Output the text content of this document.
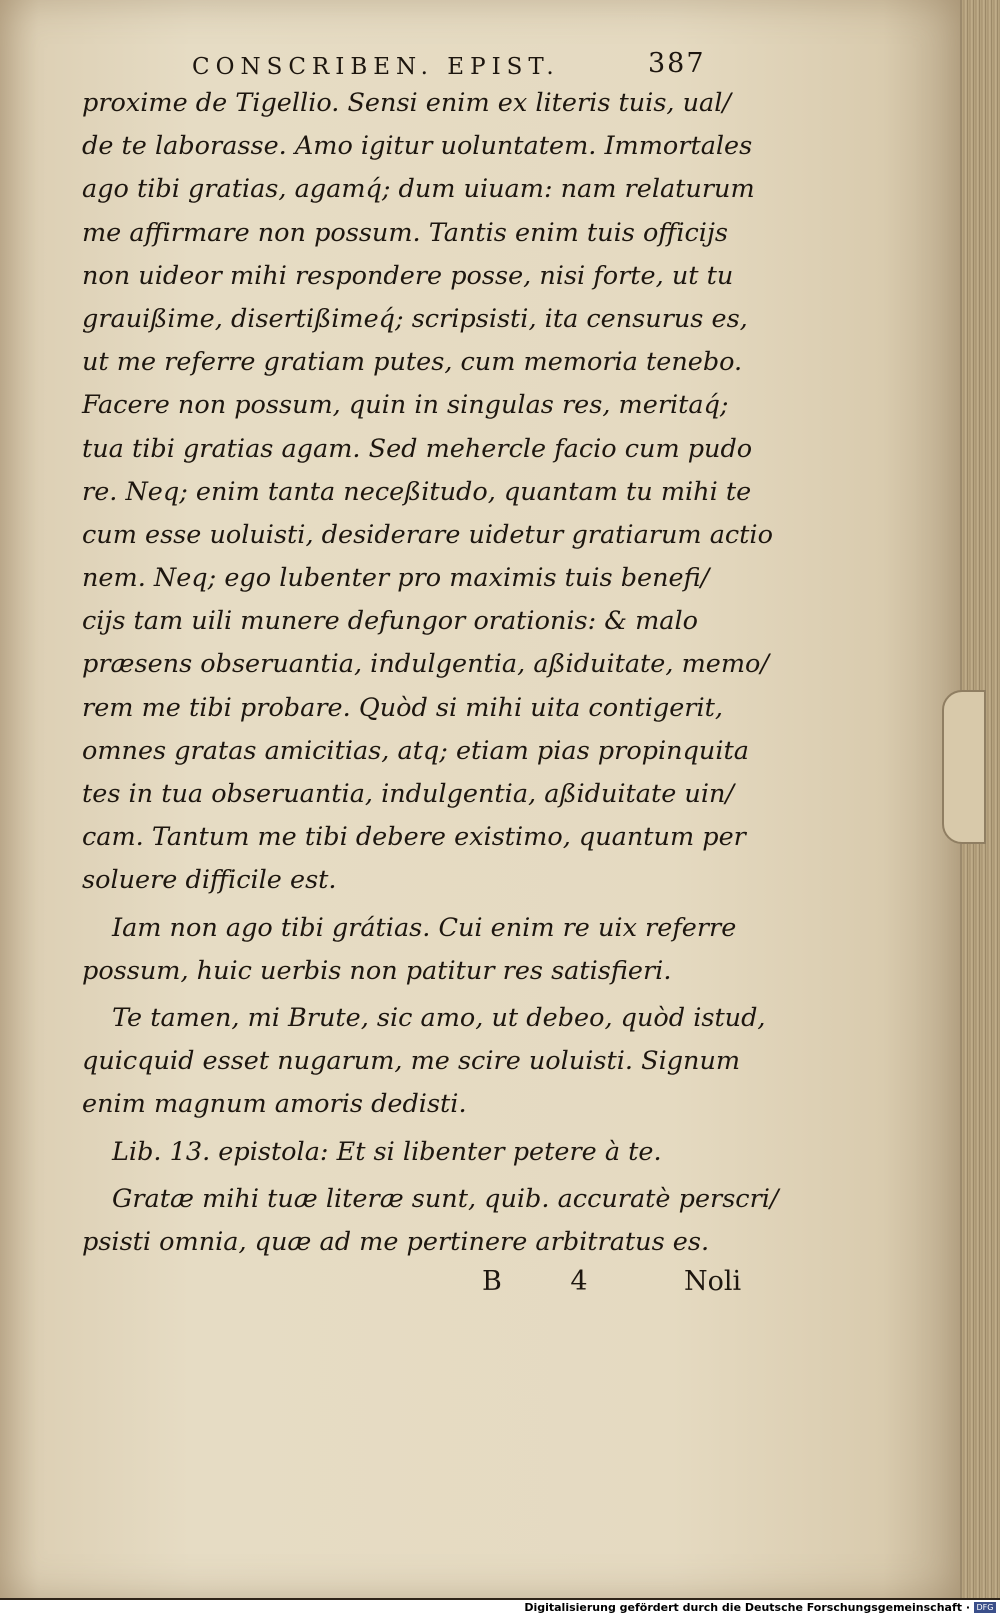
CONSCRIBEN. EPIST.	387
proxime de Tigellio. Sensi enim ex literis tuis, ual/
de te laborasse. Amo igitur uoluntatem. Immortales
ago tibi gratias, agamq́; dum uiuam: nam relaturum
me affirmare non possum. Tantis enim tuis officijs
non uideor mihi respondere posse, nisi forte, ut tu
grauißime, disertißimeq́; scripsisti, ita censurus es,
ut me referre gratiam putes, cum memoria tenebo.
Facere non possum, quin in singulas res, meritaq́;
tua tibi gratias agam. Sed mehercle facio cum pudo
re. Neq; enim tanta neceßitudo, quantam tu mihi te
cum esse uoluisti, desiderare uidetur gratiarum actio
nem. Neq; ego lubenter pro maximis tuis benefi/
cijs tam uili munere defungor orationis: & malo
præsens obseruantia, indulgentia, aßiduitate, memo/
rem me tibi probare. Quòd si mihi uita contigerit,
omnes gratas amicitias, atq; etiam pias propinquita
tes in tua obseruantia, indulgentia, aßiduitate uin/
cam. Tantum me tibi debere existimo, quantum per
soluere difficile est.
Iam non ago tibi grátias. Cui enim re uix referre
possum, huic uerbis non patitur res satisfieri.
Te tamen, mi Brute, sic amo, ut debeo, quòd istud,
quicquid esset nugarum, me scire uoluisti. Signum
enim magnum amoris dedisti.
Lib. 13. epistola: Et si libenter petere à te.
Gratæ mihi tuæ literæ sunt, quib. accuratè perscri/
psisti omnia, quæ ad me pertinere arbitratus es.
B 4 Noli
Digitalisierung gefördert durch die Deutsche Forschungsgemeinschaft · DFG
